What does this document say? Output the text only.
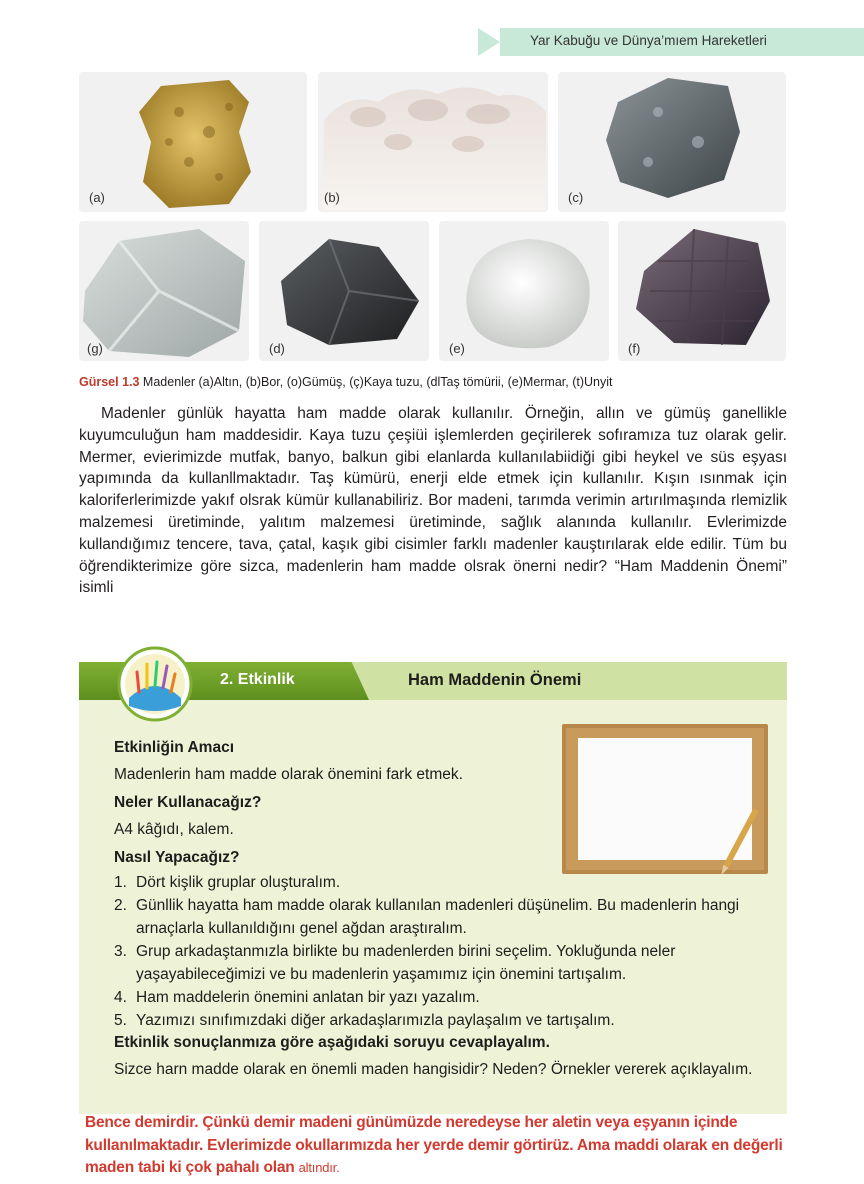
Yar Kabuğu ve Dünya’mıem Hareketleri
(a)	(b)	(c)
(g)	(d)	(e)	(f)
Gürsel 1.3 Madenler (a)Altın, (b)Bor, (o)Gümüş, (ç)Kaya tuzu, (dlTaş tömürii, (e)Mermar, (t)Unyit

Madenler günlük hayatta ham madde olarak kullanılır. Örneğin, allın ve gümüş ganellikle kuyumculuğun ham maddesidir. Kaya tuzu çeşiüi işlemlerden geçirilerek sofıramıza tuz olarak gelir. Mermer, evierimizde mutfak, banyo, balkun gibi elanlarda kullanılabiidiği gibi heykel ve süs eşyası yapımında da kullanllmaktadır. Taş kümürü, enerji elde etmek için kullanılır. Kışın ısınmak için kaloriferlerimizde yakıf olsrak kümür kullanabiliriz. Bor madeni, tarımda verimin artırılmaşında rlemizlik malzemesi üretiminde, yalıtım malzemesi üretiminde, sağlık alanında kullanılır. Evlerimizde kullandığımız tencere, tava, çatal, kaşık gibi cisimler farklı madenler kauştırılarak elde edilir. Tüm bu öğrendikterimize göre sizca, madenlerin ham madde olsrak önerni nedir? “Ham Maddenin Önemi” isimli

2. Etkinlik	Ham Maddenin Önemi
Etkinliğin Amacı
Madenlerin ham madde olarak önemini fark etmek.
Neler Kullanacağız?
A4 kâğıdı, kalem.
Nasıl Yapacağız?
1. Dört kişlik gruplar oluşturalım.
2. Günllik hayatta ham madde olarak kullanılan madenleri düşünelim. Bu madenlerin hangi arnaçlarla kullanıldığını genel ağdan araştıralım.
3. Grup arkadaştanmızla birlikte bu madenlerden birini seçelim. Yokluğunda neler yaşayabileceğimizi ve bu madenlerin yaşamımız için önemini tartışalım.
4. Ham maddelerin önemini anlatan bir yazı yazalım.
5. Yazımızı sınıfımızdaki diğer arkadaşlarımızla paylaşalım ve tartışalım.
Etkinlik sonuçlanmıza göre aşağıdaki soruyu cevaplayalım.

Sizce harn madde olarak en önemli maden hangisidir? Neden? Örnekler vererek açıklayalım.

Bence demirdir. Çünkü demir madeni günümüzde neredeyse her aletin veya eşyanın içinde kullanılmaktadır. Evlerimizde okullarımızda her yerde demir görtirüz. Ama maddi olarak en değerli maden tabi ki çok pahalı olan altındır.
